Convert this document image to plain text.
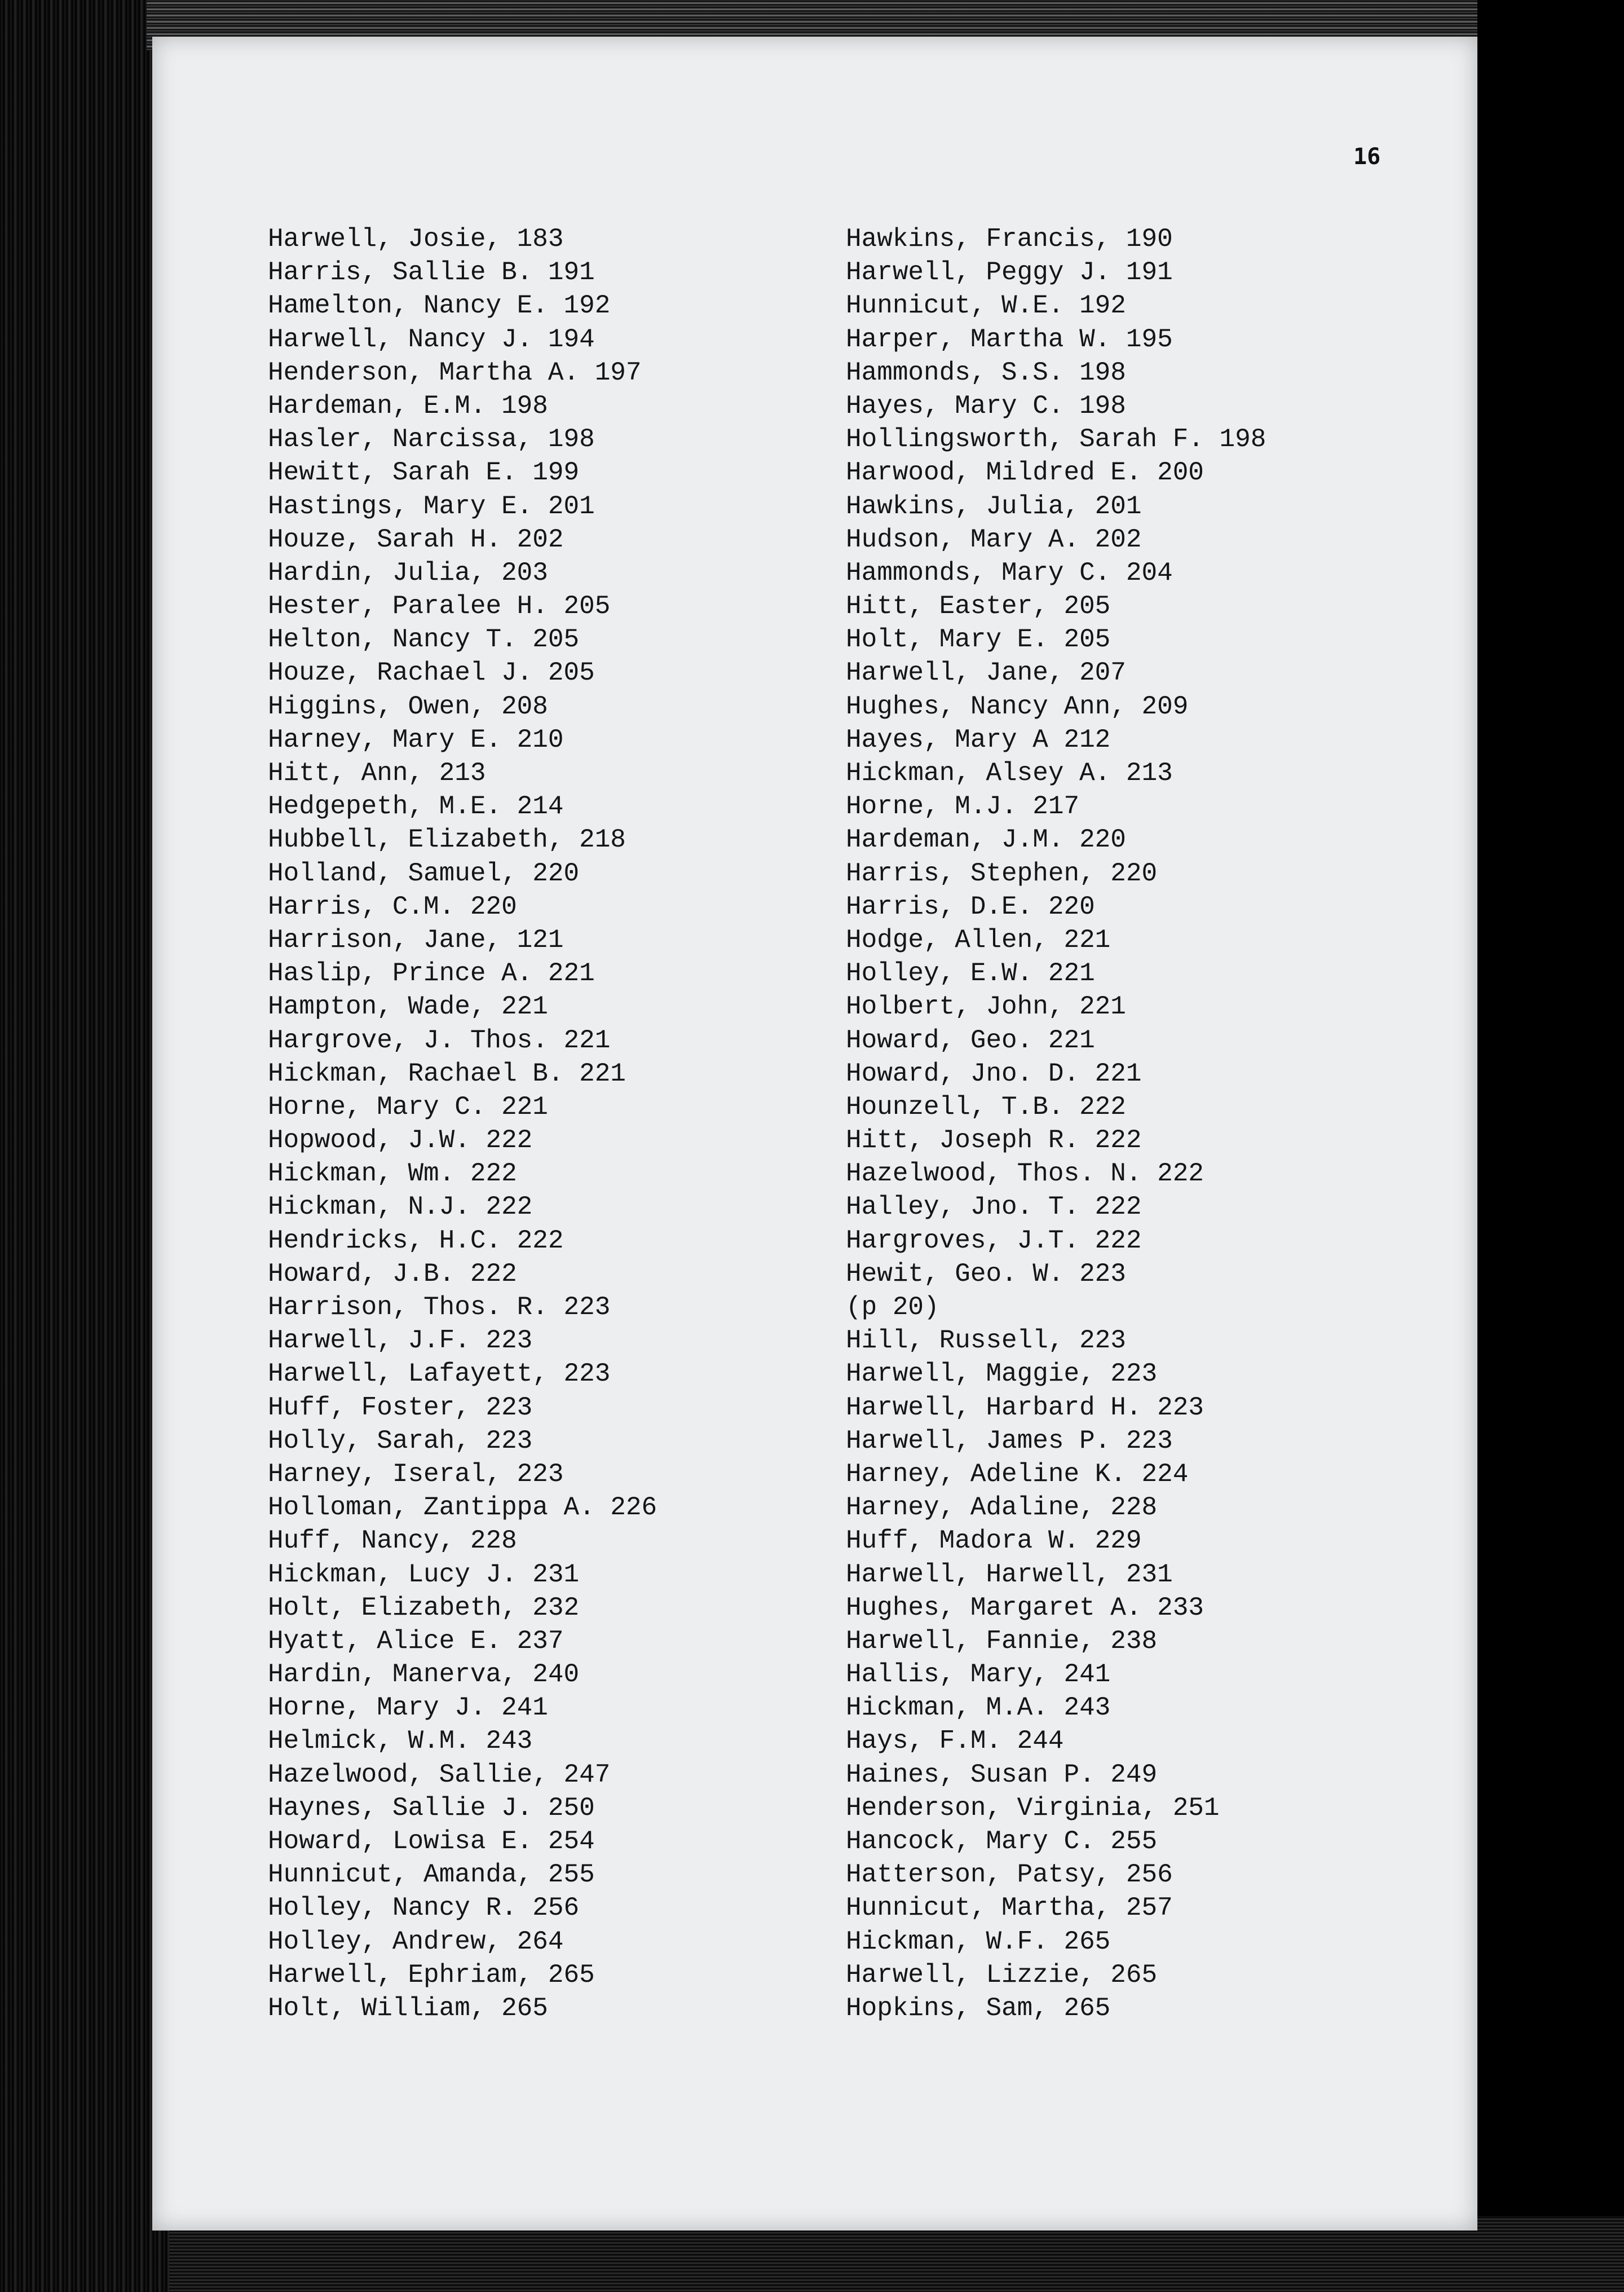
16
Harwell, Josie, 183
Harris, Sallie B. 191
Hamelton, Nancy E. 192
Harwell, Nancy J. 194
Henderson, Martha A. 197
Hardeman, E.M. 198
Hasler, Narcissa, 198
Hewitt, Sarah E. 199
Hastings, Mary E. 201
Houze, Sarah H. 202
Hardin, Julia, 203
Hester, Paralee H. 205
Helton, Nancy T. 205
Houze, Rachael J. 205
Higgins, Owen, 208
Harney, Mary E. 210
Hitt, Ann, 213
Hedgepeth, M.E. 214
Hubbell, Elizabeth, 218
Holland, Samuel, 220
Harris, C.M. 220
Harrison, Jane, 121
Haslip, Prince A. 221
Hampton, Wade, 221
Hargrove, J. Thos. 221
Hickman, Rachael B. 221
Horne, Mary C. 221
Hopwood, J.W. 222
Hickman, Wm. 222
Hickman, N.J. 222
Hendricks, H.C. 222
Howard, J.B. 222
Harrison, Thos. R. 223
Harwell, J.F. 223
Harwell, Lafayett, 223
Huff, Foster, 223
Holly, Sarah, 223
Harney, Iseral, 223
Holloman, Zantippa A. 226
Huff, Nancy, 228
Hickman, Lucy J. 231
Holt, Elizabeth, 232
Hyatt, Alice E. 237
Hardin, Manerva, 240
Horne, Mary J. 241
Helmick, W.M. 243
Hazelwood, Sallie, 247
Haynes, Sallie J. 250
Howard, Lowisa E. 254
Hunnicut, Amanda, 255
Holley, Nancy R. 256
Holley, Andrew, 264
Harwell, Ephriam, 265
Holt, William, 265
Hawkins, Francis, 190
Harwell, Peggy J. 191
Hunnicut, W.E. 192
Harper, Martha W. 195
Hammonds, S.S. 198
Hayes, Mary C. 198
Hollingsworth, Sarah F. 198
Harwood, Mildred E. 200
Hawkins, Julia, 201
Hudson, Mary A. 202
Hammonds, Mary C. 204
Hitt, Easter, 205
Holt, Mary E. 205
Harwell, Jane, 207
Hughes, Nancy Ann, 209
Hayes, Mary A 212
Hickman, Alsey A. 213
Horne, M.J. 217
Hardeman, J.M. 220
Harris, Stephen, 220
Harris, D.E. 220
Hodge, Allen, 221
Holley, E.W. 221
Holbert, John, 221
Howard, Geo. 221
Howard, Jno. D. 221
Hounzell, T.B. 222
Hitt, Joseph R. 222
Hazelwood, Thos. N. 222
Halley, Jno. T. 222
Hargroves, J.T. 222
Hewit, Geo. W. 223
(p 20)
Hill, Russell, 223
Harwell, Maggie, 223
Harwell, Harbard H. 223
Harwell, James P. 223
Harney, Adeline K. 224
Harney, Adaline, 228
Huff, Madora W. 229
Harwell, Harwell, 231
Hughes, Margaret A. 233
Harwell, Fannie, 238
Hallis, Mary, 241
Hickman, M.A. 243
Hays, F.M. 244
Haines, Susan P. 249
Henderson, Virginia, 251
Hancock, Mary C. 255
Hatterson, Patsy, 256
Hunnicut, Martha, 257
Hickman, W.F. 265
Harwell, Lizzie, 265
Hopkins, Sam, 265
